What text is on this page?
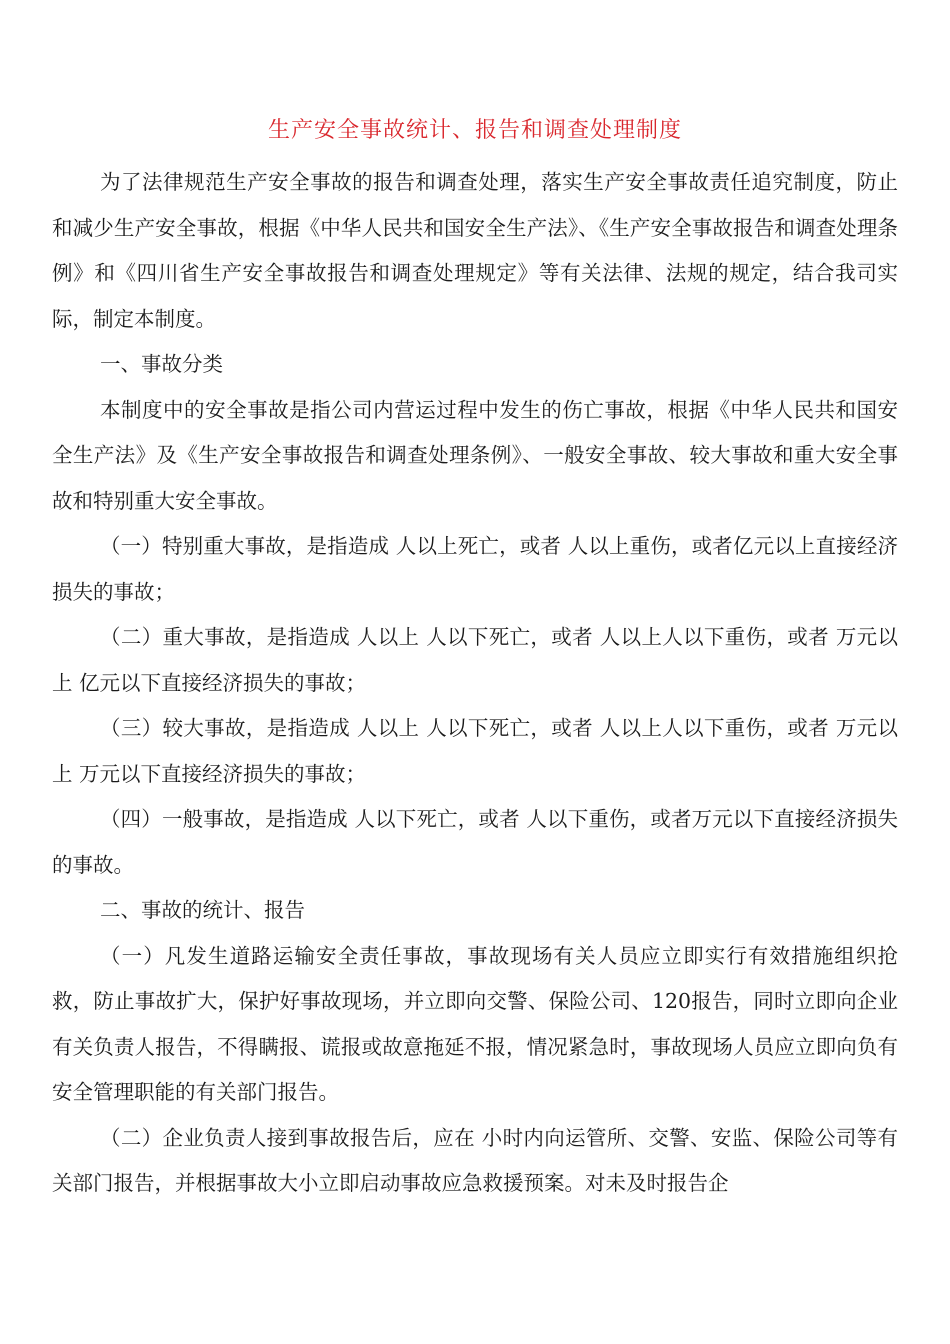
生产安全事故统计、报告和调查处理制度

为了法律规范生产安全事故的报告和调查处理，落实生产安全事故责任追究制度，防止和减少生产安全事故，根据《中华人民共和国安全生产法》、《生产安全事故报告和调查处理条例》和《四川省生产安全事故报告和调查处理规定》等有关法律、法规的规定，结合我司实际，制定本制度。

一、事故分类

本制度中的安全事故是指公司内营运过程中发生的伤亡事故，根据《中华人民共和国安全生产法》及《生产安全事故报告和调查处理条例》、一般安全事故、较大事故和重大安全事故和特别重大安全事故。

（一）特别重大事故，是指造成 人以上死亡，或者 人以上重伤，或者亿元以上直接经济损失的事故；

（二）重大事故，是指造成 人以上 人以下死亡，或者 人以上人以下重伤，或者 万元以上 亿元以下直接经济损失的事故；

（三）较大事故，是指造成 人以上 人以下死亡，或者 人以上人以下重伤，或者 万元以上 万元以下直接经济损失的事故；

（四）一般事故，是指造成 人以下死亡，或者 人以下重伤，或者万元以下直接经济损失的事故。

二、事故的统计、报告

（一）凡发生道路运输安全责任事故，事故现场有关人员应立即实行有效措施组织抢救，防止事故扩大，保护好事故现场，并立即向交警、保险公司、120报告，同时立即向企业有关负责人报告，不得瞒报、谎报或故意拖延不报，情况紧急时，事故现场人员应立即向负有安全管理职能的有关部门报告。

（二）企业负责人接到事故报告后，应在 小时内向运管所、交警、安监、保险公司等有关部门报告，并根据事故大小立即启动事故应急救援预案。对未及时报告企
